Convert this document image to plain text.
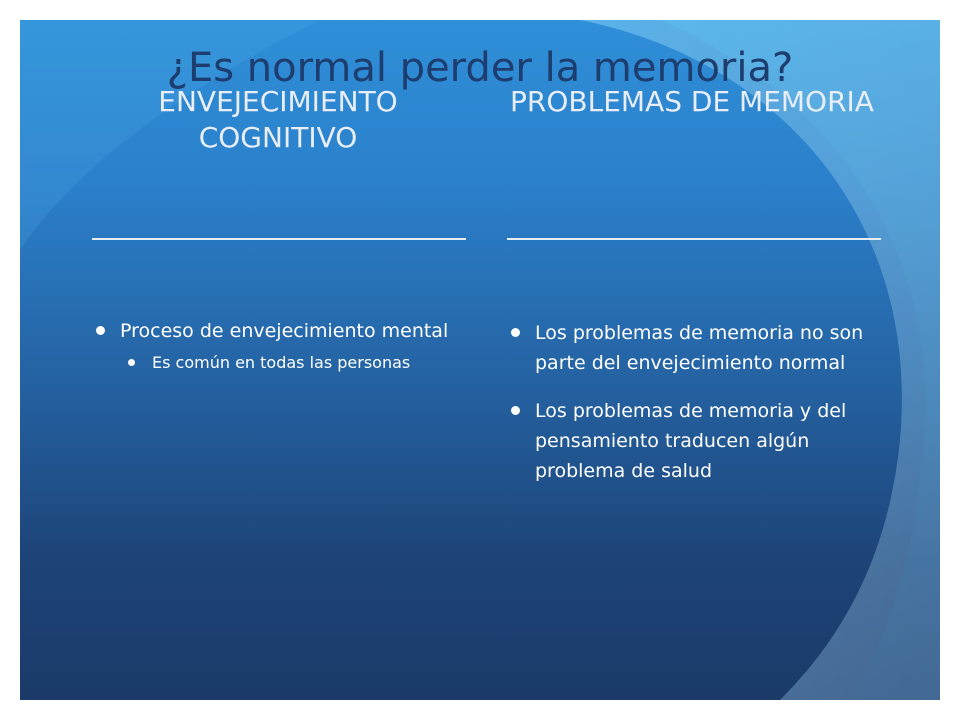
ENVEJECIMIENTO COGNITIVO
PROBLEMAS DE MEMORIA
Proceso de envejecimiento mental
Es común en todas las personas
Los problemas de memoria no son parte del envejecimiento normal
Los problemas de memoria y del pensamiento traducen algún problema de salud
¿Es normal perder la memoria?
